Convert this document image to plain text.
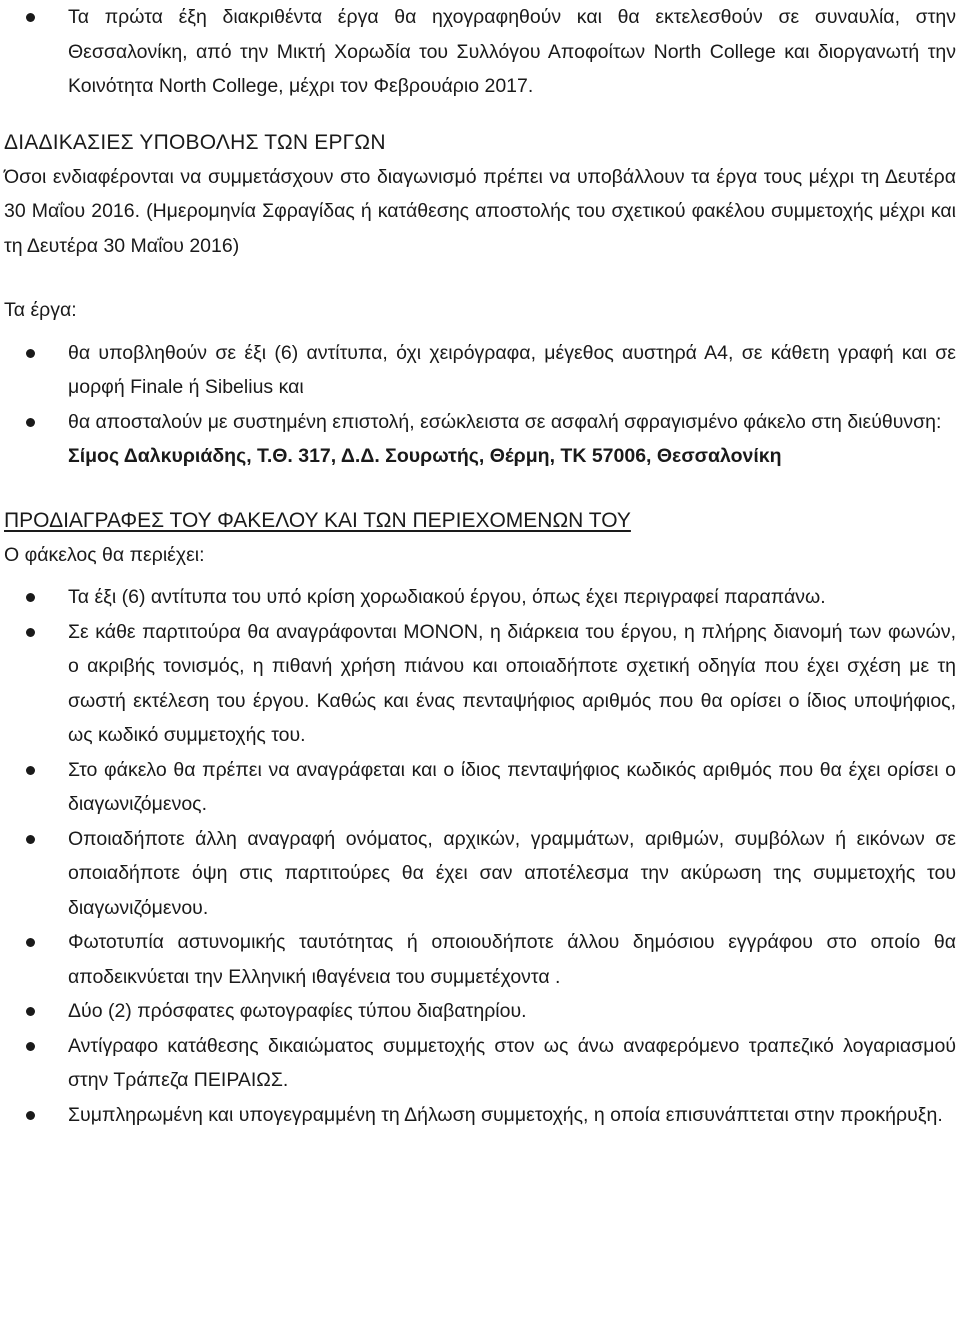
Τα πρώτα έξη διακριθέντα έργα θα ηχογραφηθούν και θα εκτελεσθούν σε συναυλία, στην Θεσσαλονίκη, από την Μικτή Χορωδία του Συλλόγου Αποφοίτων North College και διοργανωτή την Κοινότητα North College, μέχρι τον Φεβρουάριο 2017.

ΔΙΑΔΙΚΑΣΙΕΣ ΥΠΟΒΟΛΗΣ ΤΩΝ ΕΡΓΩΝ

Όσοι ενδιαφέρονται να συμμετάσχουν στο διαγωνισμό πρέπει να υποβάλλουν τα έργα τους μέχρι τη Δευτέρα 30 Μαΐου 2016. (Ημερομηνία Σφραγίδας ή κατάθεσης αποστολής του σχετικού φακέλου συμμετοχής μέχρι και τη Δευτέρα 30 Μαΐου 2016)

Τα έργα:

θα υποβληθούν σε έξι (6) αντίτυπα, όχι χειρόγραφα, μέγεθος αυστηρά Α4, σε κάθετη γραφή και σε μορφή Finale ή Sibelius και
θα αποσταλούν με συστημένη επιστολή, εσώκλειστα σε ασφαλή σφραγισμένο φάκελο στη διεύθυνση:
Σίμος Δαλκυριάδης, Τ.Θ. 317, Δ.Δ. Σουρωτής, Θέρμη, ΤΚ 57006, Θεσσαλονίκη

ΠΡΟΔΙΑΓΡΑΦΕΣ ΤΟΥ ΦΑΚΕΛΟΥ ΚΑΙ ΤΩΝ ΠΕΡΙΕΧΟΜΕΝΩΝ ΤΟΥ

Ο φάκελος θα περιέχει:

Τα έξι (6) αντίτυπα του υπό κρίση χορωδιακού έργου, όπως έχει περιγραφεί παραπάνω.
Σε κάθε παρτιτούρα θα αναγράφονται ΜΟΝΟΝ, η διάρκεια του έργου, η πλήρης διανομή των φωνών, ο ακριβής τονισμός, η πιθανή χρήση πιάνου και οποιαδήποτε σχετική οδηγία που έχει σχέση με τη σωστή εκτέλεση του έργου. Καθώς και ένας πενταψήφιος αριθμός που θα ορίσει ο ίδιος υποψήφιος, ως κωδικό συμμετοχής του.
Στο φάκελο θα πρέπει να αναγράφεται και ο ίδιος πενταψήφιος κωδικός αριθμός που θα έχει ορίσει ο διαγωνιζόμενος.
Οποιαδήποτε άλλη αναγραφή ονόματος, αρχικών, γραμμάτων, αριθμών, συμβόλων ή εικόνων σε οποιαδήποτε όψη στις παρτιτούρες θα έχει σαν αποτέλεσμα την ακύρωση της συμμετοχής του διαγωνιζόμενου.
Φωτοτυπία αστυνομικής ταυτότητας ή οποιουδήποτε άλλου δημόσιου εγγράφου στο οποίο θα αποδεικνύεται την Ελληνική ιθαγένεια του συμμετέχοντα .
Δύο (2) πρόσφατες φωτογραφίες τύπου διαβατηρίου.
Αντίγραφο κατάθεσης δικαιώματος συμμετοχής στον ως άνω αναφερόμενο τραπεζικό λογαριασμού στην Τράπεζα ΠΕΙΡΑΙΩΣ.
Συμπληρωμένη και υπογεγραμμένη τη Δήλωση συμμετοχής, η οποία επισυνάπτεται στην προκήρυξη.
